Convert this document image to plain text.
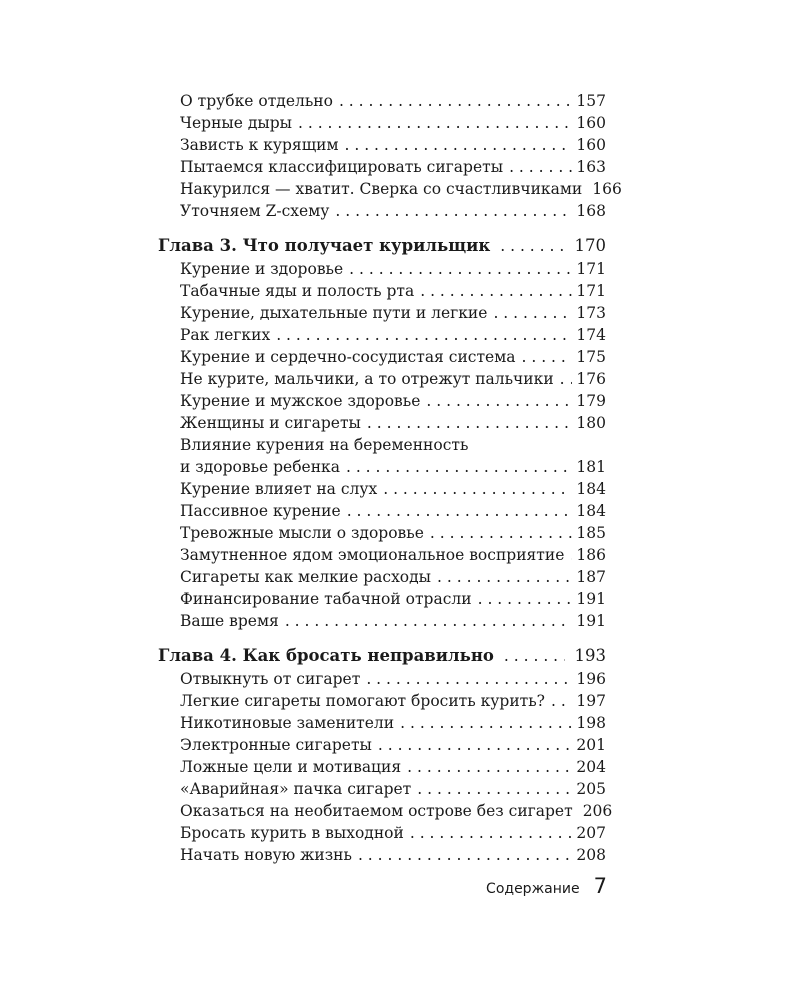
О трубке отдельно . . .	157
Черные дыры . . .	160
Зависть к курящим . . .	160
Пытаемся классифицировать сигареты . . .	163
Накурился — хватит. Сверка со счастливчиками 166
Уточняем Z-схему . . .	168
Глава 3. Что получает курильщик . . .	170
Курение и здоровье . . .	171
Табачные яды и полость рта . . .	171
Курение, дыхательные пути и легкие . . .	173
Рак легких . . .	174
Курение и сердечно-сосудистая система . . .	175
Не курите, мальчики, а то отрежут пальчики . . . 176
Курение и мужское здоровье . . .	179
Женщины и сигареты . . .	180
Влияние курения на беременность
и здоровье ребенка . . .	181
Курение влияет на слух . . .	184
Пассивное курение . . .	184
Тревожные мысли о здоровье . . .	185
Замутненное ядом эмоциональное восприятие . . . 186
Сигареты как мелкие расходы . . .	187
Финансирование табачной отрасли . . .	191
Ваше время . . .	191
Глава 4. Как бросать неправильно . . .	193
Отвыкнуть от сигарет . . .	196
Легкие сигареты помогают бросить курить? . . . 197
Никотиновые заменители . . .	198
Электронные сигареты . . .	201
Ложные цели и мотивация . . .	204
«Аварийная» пачка сигарет . . .	205
Оказаться на необитаемом острове без сигарет 206
Бросать курить в выходной . . .	207
Начать новую жизнь . . .	208
Содержание 7
